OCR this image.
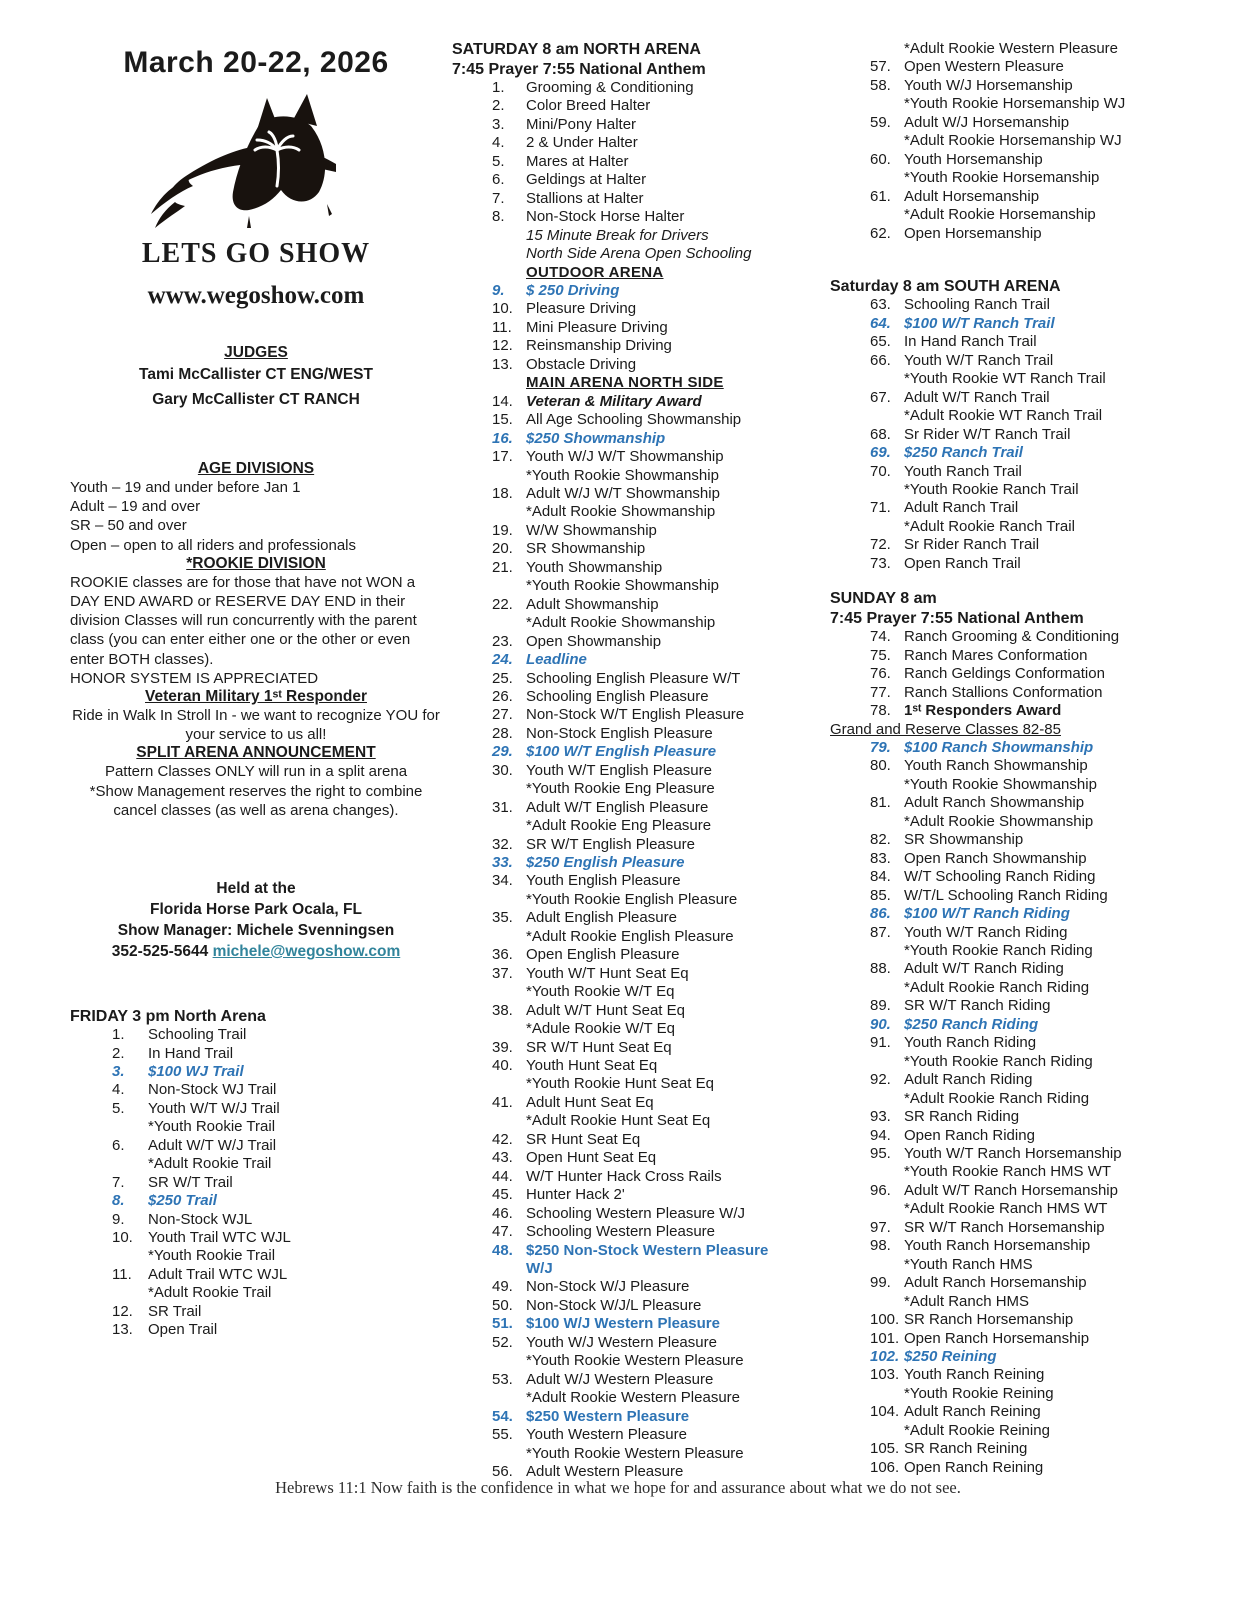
March 20-22, 2026
LETS GO SHOW
www.wegoshow.com
JUDGES
Tami McCallister CT ENG/WEST
Gary McCallister CT RANCH
AGE DIVISIONS
Youth – 19 and under before Jan 1
Adult – 19 and over
SR – 50 and over
Open – open to all riders and professionals
*ROOKIE DIVISION
ROOKIE classes are for those that have not WON a DAY END AWARD or RESERVE DAY END in their division Classes will run concurrently with the parent class (you can enter either one or the other or even enter BOTH classes).
HONOR SYSTEM IS APPRECIATED
Veteran Military 1ˢᵗ Responder
Ride in Walk In Stroll In - we want to recognize YOU for your service to us all!
SPLIT ARENA ANNOUNCEMENT
Pattern Classes ONLY will run in a split arena
*Show Management reserves the right to combine cancel classes (as well as arena changes).
Held at the
Florida Horse Park Ocala, FL
Show Manager: Michele Svenningsen
352-525-5644 michele@wegoshow.com
FRIDAY 3 pm North Arena
1.	Schooling Trail
2.	In Hand Trail
3.	$100 WJ Trail
4.	Non-Stock WJ Trail
5.	Youth W/T W/J Trail
*Youth Rookie Trail
6.	Adult W/T W/J Trail
*Adult Rookie Trail
7.	SR W/T Trail
8.	$250 Trail
9.	Non-Stock WJL
10.	Youth Trail WTC WJL
*Youth Rookie Trail
11.	Adult Trail WTC WJL
*Adult Rookie Trail
12.	SR Trail
13.	Open Trail
SATURDAY 8 am NORTH ARENA
7:45 Prayer 7:55 National Anthem
1.	Grooming & Conditioning
2.	Color Breed Halter
3.	Mini/Pony Halter
4.	2 & Under Halter
5.	Mares at Halter
6.	Geldings at Halter
7.	Stallions at Halter
8.	Non-Stock Horse Halter
15 Minute Break for Drivers
North Side Arena Open Schooling
OUTDOOR ARENA
9.	$ 250 Driving
10. Pleasure Driving
11. Mini Pleasure Driving
12. Reinsmanship Driving
13. Obstacle Driving
MAIN ARENA NORTH SIDE
14. Veteran & Military Award
15. All Age Schooling Showmanship
16. $250 Showmanship
17. Youth W/J W/T Showmanship
*Youth Rookie Showmanship
18. Adult W/J W/T Showmanship
*Adult Rookie Showmanship
19. W/W Showmanship
20. SR Showmanship
21. Youth Showmanship
*Youth Rookie Showmanship
22. Adult Showmanship
*Adult Rookie Showmanship
23. Open Showmanship
24. Leadline
25. Schooling English Pleasure W/T
26. Schooling English Pleasure
27. Non-Stock W/T English Pleasure
28. Non-Stock English Pleasure
29. $100 W/T English Pleasure
30. Youth W/T English Pleasure
*Youth Rookie Eng Pleasure
31. Adult W/T English Pleasure
*Adult Rookie Eng Pleasure
32. SR W/T English Pleasure
33. $250 English Pleasure
34. Youth English Pleasure
*Youth Rookie English Pleasure
35. Adult English Pleasure
*Adult Rookie English Pleasure
36. Open English Pleasure
37. Youth W/T Hunt Seat Eq
*Youth Rookie W/T Eq
38. Adult W/T Hunt Seat Eq
*Adule Rookie W/T Eq
39. SR W/T Hunt Seat Eq
40. Youth Hunt Seat Eq
*Youth Rookie Hunt Seat Eq
41. Adult Hunt Seat Eq
*Adult Rookie Hunt Seat Eq
42. SR Hunt Seat Eq
43. Open Hunt Seat Eq
44. W/T Hunter Hack Cross Rails
45. Hunter Hack 2'
46. Schooling Western Pleasure W/J
47. Schooling Western Pleasure
48. $250 Non-Stock Western Pleasure W/J
49. Non-Stock W/J Pleasure
50. Non-Stock W/J/L Pleasure
51. $100 W/J Western Pleasure
52. Youth W/J Western Pleasure
*Youth Rookie Western Pleasure
53. Adult W/J Western Pleasure
*Adult Rookie Western Pleasure
54. $250 Western Pleasure
55. Youth Western Pleasure
*Youth Rookie Western Pleasure
56. Adult Western Pleasure
*Adult Rookie Western Pleasure
57. Open Western Pleasure
58. Youth W/J Horsemanship
*Youth Rookie Horsemanship WJ
59. Adult W/J Horsemanship
*Adult Rookie Horsemanship WJ
60. Youth Horsemanship
*Youth Rookie Horsemanship
61. Adult Horsemanship
*Adult Rookie Horsemanship
62. Open Horsemanship
Saturday 8 am SOUTH ARENA
63. Schooling Ranch Trail
64. $100 W/T Ranch Trail
65. In Hand Ranch Trail
66. Youth W/T Ranch Trail
*Youth Rookie WT Ranch Trail
67. Adult W/T Ranch Trail
*Adult Rookie WT Ranch Trail
68. Sr Rider W/T Ranch Trail
69. $250 Ranch Trail
70. Youth Ranch Trail
*Youth Rookie Ranch Trail
71. Adult Ranch Trail
*Adult Rookie Ranch Trail
72. Sr Rider Ranch Trail
73. Open Ranch Trail
SUNDAY 8 am
7:45 Prayer 7:55 National Anthem
74. Ranch Grooming & Conditioning
75. Ranch Mares Conformation
76. Ranch Geldings Conformation
77. Ranch Stallions Conformation
78. 1ˢᵗ Responders Award
Grand and Reserve Classes 82-85
79. $100 Ranch Showmanship
80. Youth Ranch Showmanship
*Youth Rookie Showmanship
81. Adult Ranch Showmanship
*Adult Rookie Showmanship
82. SR Showmanship
83. Open Ranch Showmanship
84. W/T Schooling Ranch Riding
85. W/T/L Schooling Ranch Riding
86. $100 W/T Ranch Riding
87. Youth W/T Ranch Riding
*Youth Rookie Ranch Riding
88. Adult W/T Ranch Riding
*Adult Rookie Ranch Riding
89. SR W/T Ranch Riding
90. $250 Ranch Riding
91. Youth Ranch Riding
*Youth Rookie Ranch Riding
92. Adult Ranch Riding
*Adult Rookie Ranch Riding
93. SR Ranch Riding
94. Open Ranch Riding
95. Youth W/T Ranch Horsemanship
*Youth Rookie Ranch HMS WT
96. Adult W/T Ranch Horsemanship
*Adult Rookie Ranch HMS WT
97. SR W/T Ranch Horsemanship
98. Youth Ranch Horsemanship
*Youth Ranch HMS
99. Adult Ranch Horsemanship
*Adult Ranch HMS
100. SR Ranch Horsemanship
101. Open Ranch Horsemanship
102. $250 Reining
103. Youth Ranch Reining
*Youth Rookie Reining
104. Adult Ranch Reining
*Adult Rookie Reining
105. SR Ranch Reining
106. Open Ranch Reining
Hebrews 11:1 Now faith is the confidence in what we hope for and assurance about what we do not see.
